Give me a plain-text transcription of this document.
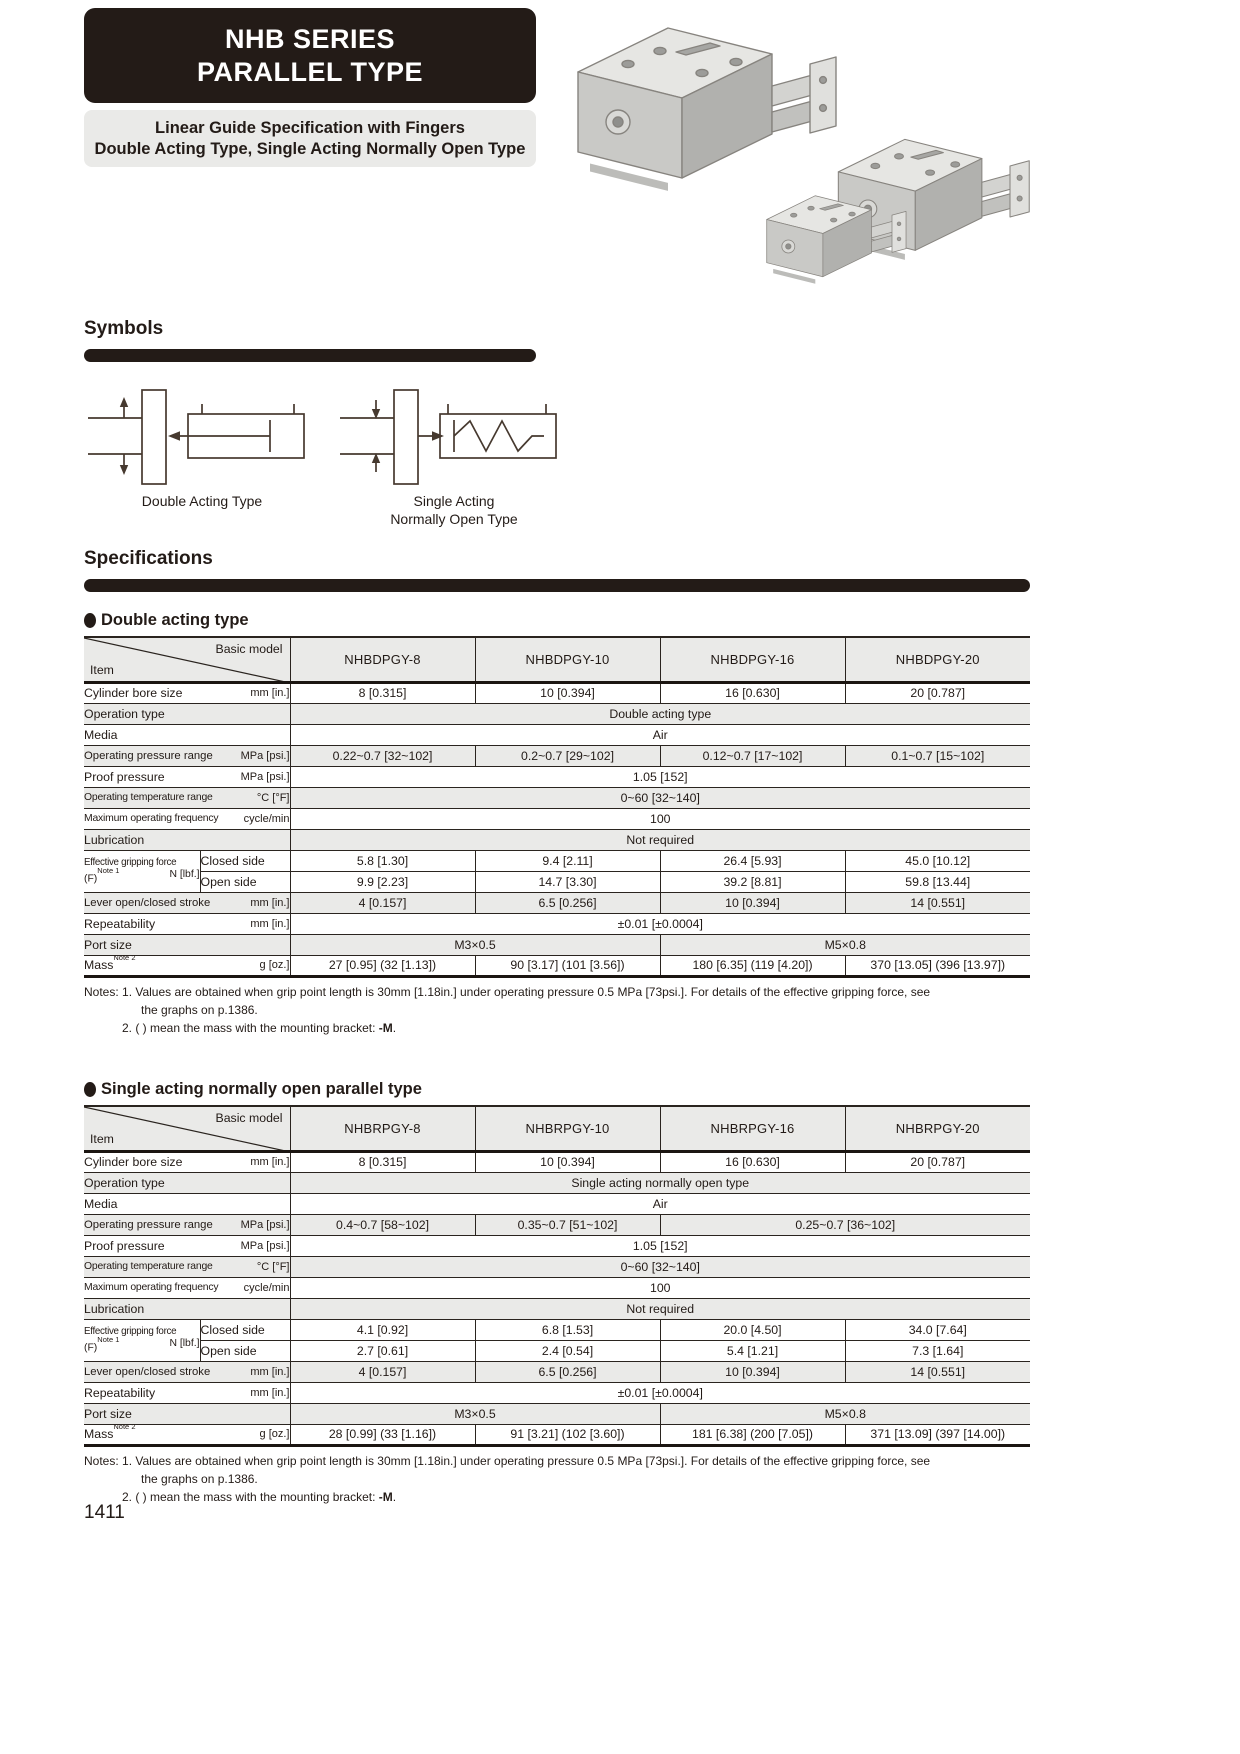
NHB SERIES
PARALLEL TYPE
Linear Guide Specification with Fingers
Double Acting Type, Single Acting Normally Open Type
Symbols
Double Acting Type	Single Acting
Normally Open Type
Specifications
Double acting type
Basic model
Item		NHBDPGY-8	NHBDPGY-10	NHBDPGY-16	NHBDPGY-20

Cylinder bore size mm [in.]		8 [0.315]	10 [0.394]	16 [0.630]	20 [0.787]
Operation type		Double acting type			
Media		Air			

Operating pressure range MPa [psi.]		0.22~0.7 [32~102]	0.2~0.7 [29~102]	0.12~0.7 [17~102]	0.1~0.7 [15~102]

Proof pressure MPa [psi.]		1.05 [152]			

Operating temperature range °C [°F]		0~60 [32~140]			

Maximum operating frequency cycle/min		100			
Lubrication		Not required			

Effective gripping force
$(F)^{Note 1}$ N [lbf.]	Closed side	5.8 [1.30]	9.4 [2.11]	26.4 [5.93]	45.0 [10.12]
	Open side	9.9 [2.23]	14.7 [3.30]	39.2 [8.81]	59.8 [13.44]

Lever open/closed stroke mm [in.]		4 [0.157]	6.5 [0.256]	10 [0.394]	14 [0.551]

Repeatability mm [in.]		±0.01 [±0.0004]			
Port size		M3×0.5		M5×0.8	

Mass$^{Note 2}$
g [oz.]		27 [0.95] (32 [1.13])	90 [3.17] (101 [3.56])	180 [6.35] (119 [4.20])	370 [13.05] (396 [13.97])
Notes: 1. Values are obtained when grip point length is 30mm [1.18in.] under operating pressure 0.5 MPa [73psi.]. For details of the effective gripping force, see
the graphs on p.1386.
2. ( ) mean the mass with the mounting bracket: -M.
Single acting normally open parallel type
Basic model
Item		NHBRPGY-8	NHBRPGY-10	NHBRPGY-16	NHBRPGY-20

Cylinder bore size mm [in.]		8 [0.315]	10 [0.394]	16 [0.630]	20 [0.787]
Operation type		Single acting normally open type			
Media		Air			

Operating pressure range MPa [psi.]		0.4~0.7 [58~102]	0.35~0.7 [51~102]	0.25~0.7 [36~102]	

Proof pressure MPa [psi.]		1.05 [152]			

Operating temperature range °C [°F]		0~60 [32~140]			

Maximum operating frequency cycle/min		100			
Lubrication		Not required			

Effective gripping force
$(F)^{Note 1}$ N [lbf.]	Closed side	4.1 [0.92]	6.8 [1.53]	20.0 [4.50]	34.0 [7.64]
	Open side	2.7 [0.61]	2.4 [0.54]	5.4 [1.21]	7.3 [1.64]

Lever open/closed stroke mm [in.]		4 [0.157]	6.5 [0.256]	10 [0.394]	14 [0.551]

Repeatability mm [in.]		±0.01 [±0.0004]			
Port size		M3×0.5		M5×0.8	

Mass$^{Note 2}$
g [oz.]		28 [0.99] (33 [1.16])	91 [3.21] (102 [3.60])	181 [6.38] (200 [7.05])	371 [13.09] (397 [14.00])
Notes: 1. Values are obtained when grip point length is 30mm [1.18in.] under operating pressure 0.5 MPa [73psi.]. For details of the effective gripping force, see
the graphs on p.1386.
2. ( ) mean the mass with the mounting bracket: -M.
1411
